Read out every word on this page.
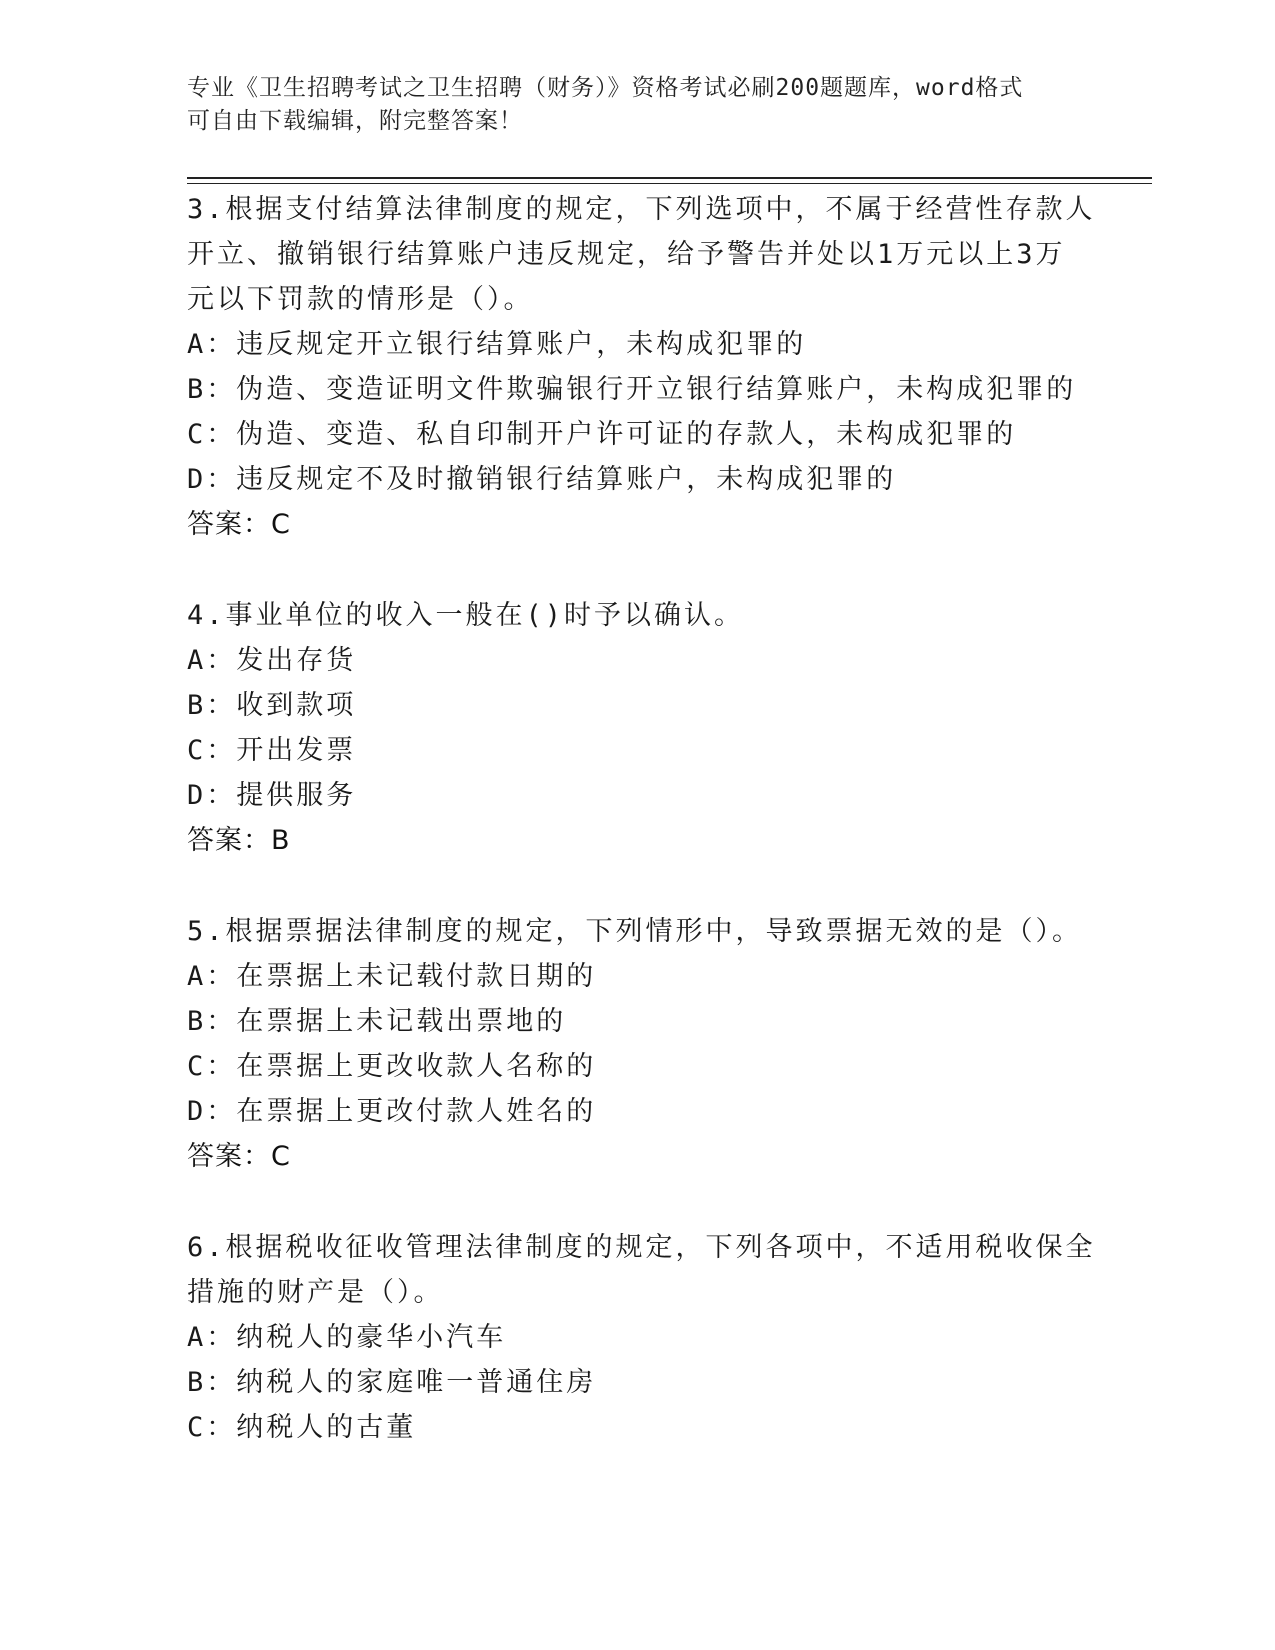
专业《卫生招聘考试之卫生招聘（财务）》资格考试必刷200题题库，word格式
可自由下载编辑，附完整答案！
3.根据支付结算法律制度的规定，下列选项中，不属于经营性存款人
开立、撤销银行结算账户违反规定，给予警告并处以1万元以上3万
元以下罚款的情形是（）。
A：违反规定开立银行结算账户，未构成犯罪的
B：伪造、变造证明文件欺骗银行开立银行结算账户，未构成犯罪的
C：伪造、变造、私自印制开户许可证的存款人，未构成犯罪的
D：违反规定不及时撤销银行结算账户，未构成犯罪的
答案：C
4.事业单位的收入一般在()时予以确认。
A：发出存货
B：收到款项
C：开出发票
D：提供服务
答案：B
5.根据票据法律制度的规定，下列情形中，导致票据无效的是（）。
A：在票据上未记载付款日期的
B：在票据上未记载出票地的
C：在票据上更改收款人名称的
D：在票据上更改付款人姓名的
答案：C
6.根据税收征收管理法律制度的规定，下列各项中，不适用税收保全
措施的财产是（）。
A：纳税人的豪华小汽车
B：纳税人的家庭唯一普通住房
C：纳税人的古董
